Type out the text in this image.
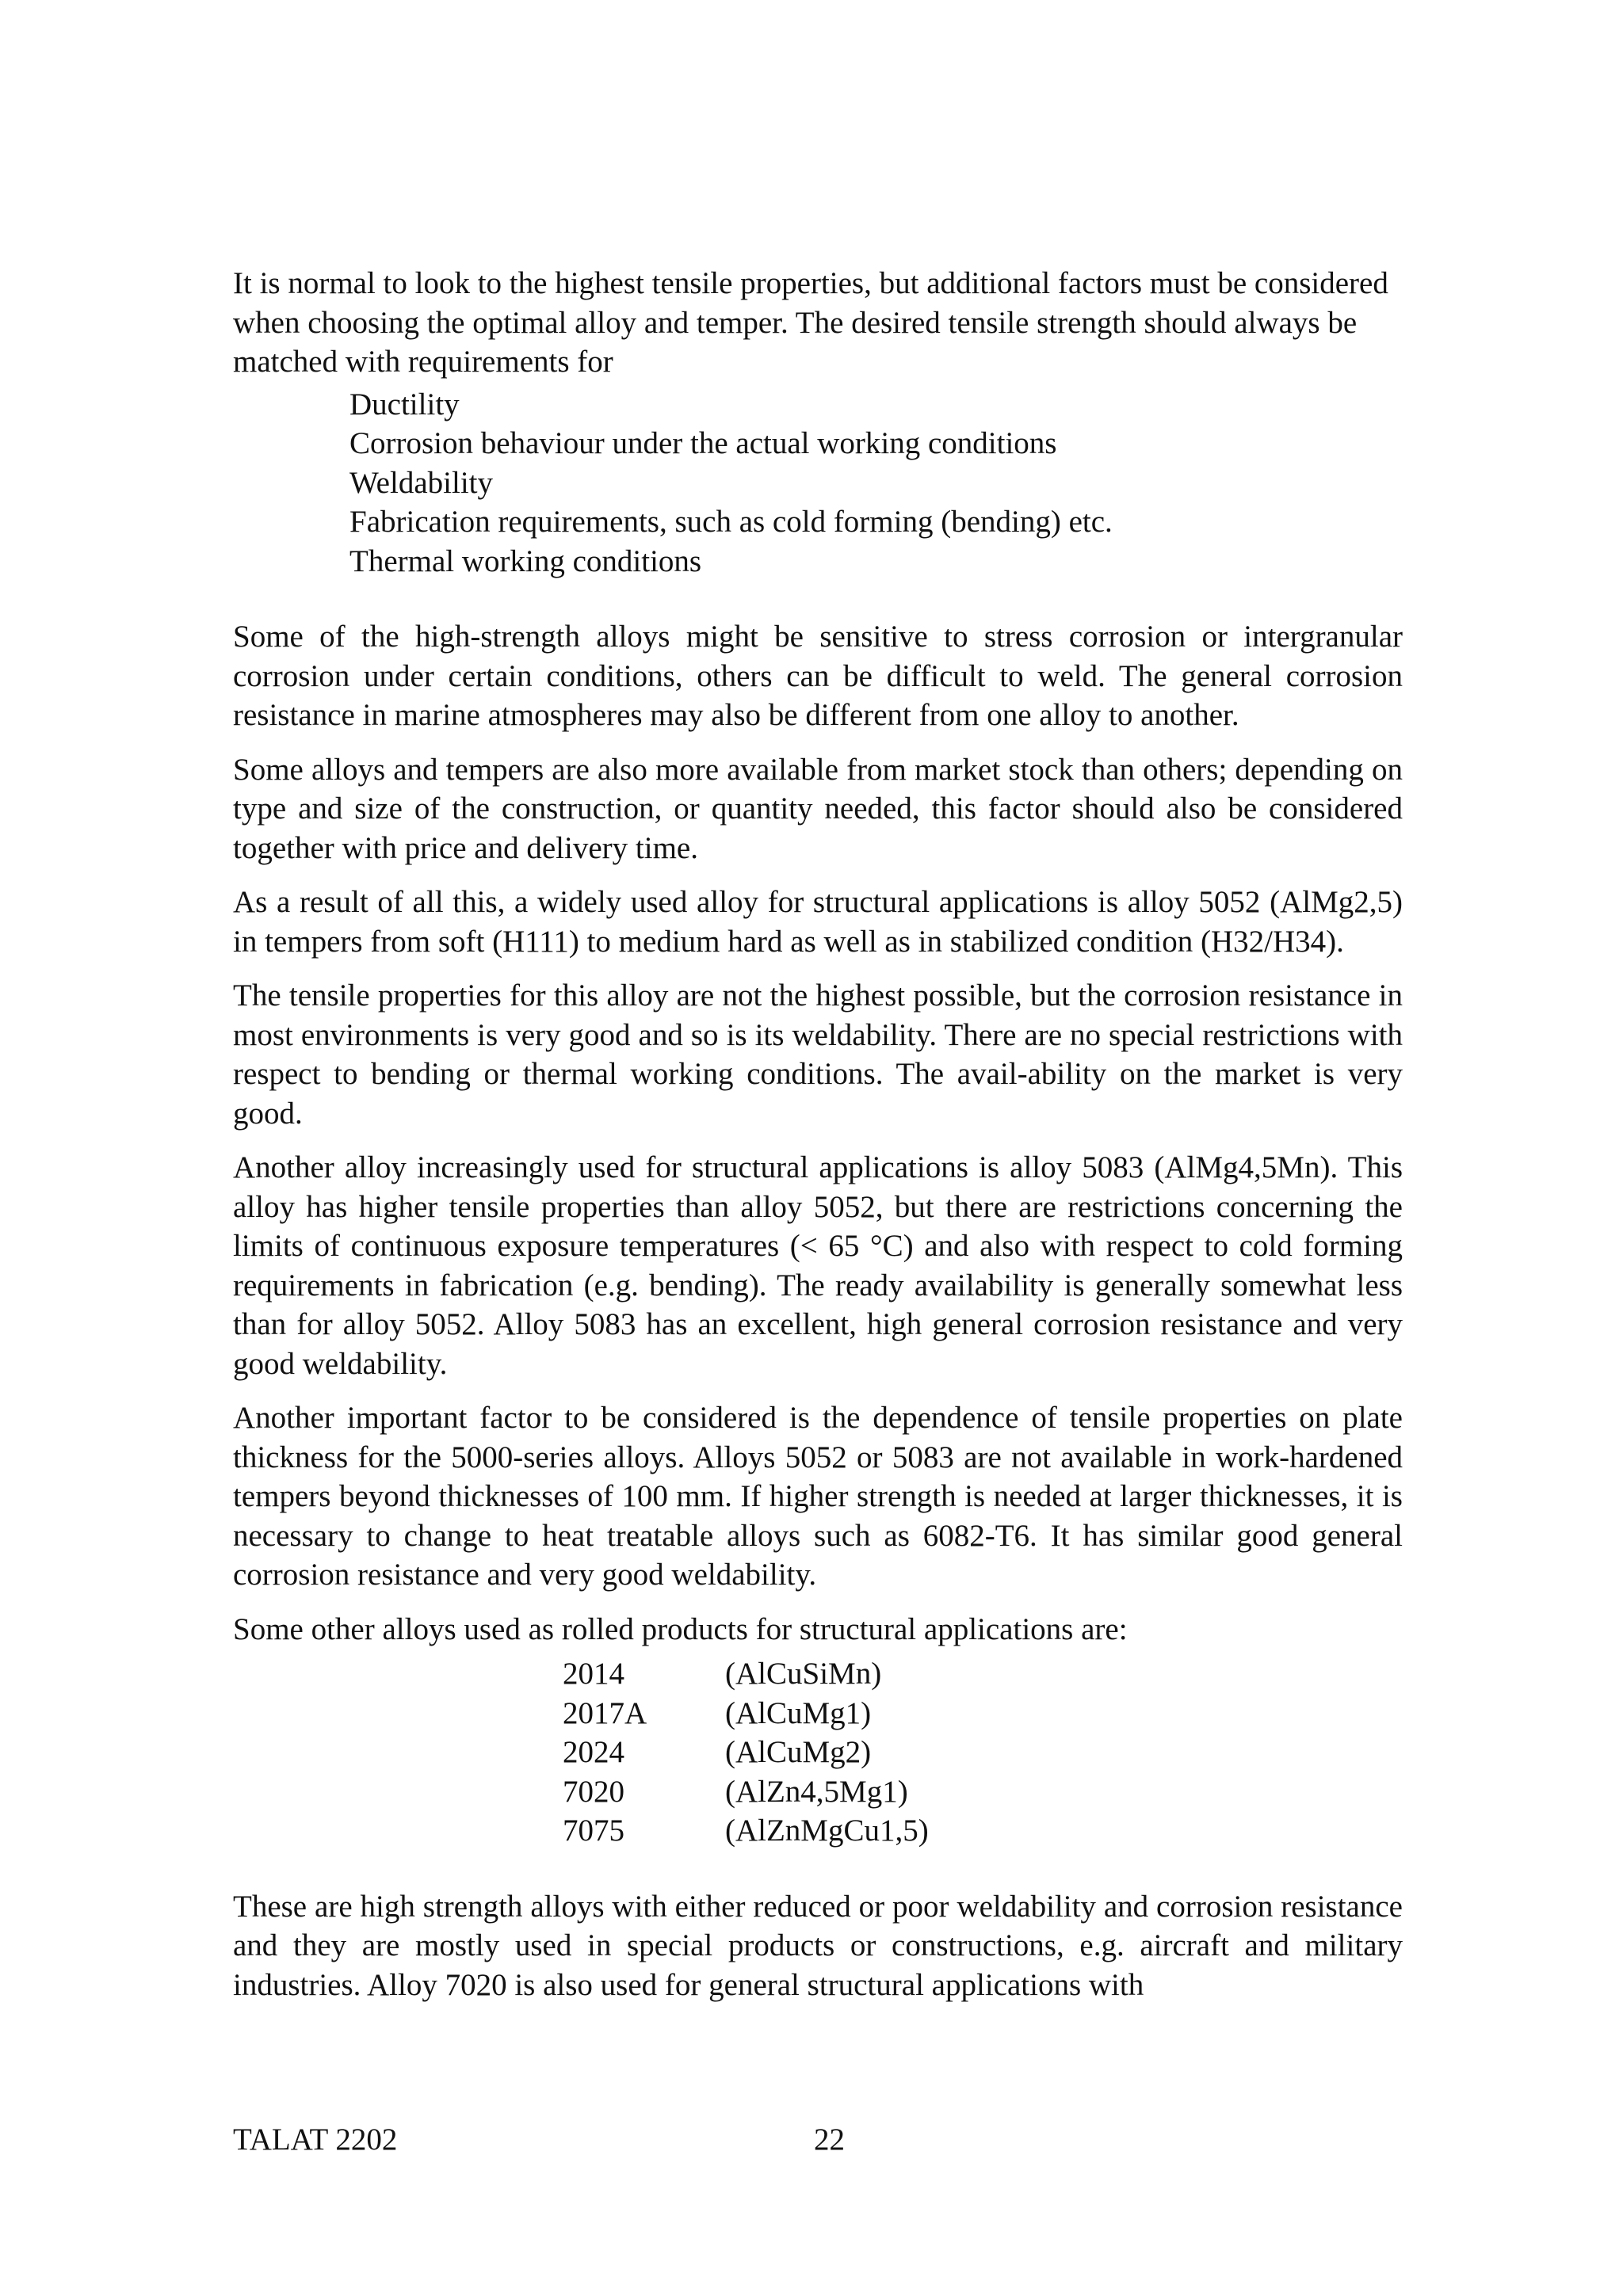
It is normal to look to the highest tensile properties, but additional factors must be considered when choosing the optimal alloy and temper. The desired tensile strength should always be matched with requirements for

Ductility
Corrosion behaviour under the actual working conditions
Weldability
Fabrication requirements, such as cold forming (bending) etc.
Thermal working conditions

Some of the high-strength alloys might be sensitive to stress corrosion or intergranular corrosion under certain conditions, others can be difficult to weld. The general corrosion resistance in marine atmospheres may also be different from one alloy to another.

Some alloys and tempers are also more available from market stock than others; depending on type and size of the construction, or quantity needed, this factor should also be considered together with price and delivery time.

As a result of all this, a widely used alloy for structural applications is alloy 5052 (AlMg2,5) in tempers from soft (H111) to medium hard as well as in stabilized condition (H32/H34).

The tensile properties for this alloy are not the highest possible, but the corrosion resistance in most environments is very good and so is its weldability. There are no special restrictions with respect to bending or thermal working conditions. The avail-ability on the market is very good.

Another alloy increasingly used for structural applications is alloy 5083 (AlMg4,5Mn). This alloy has higher tensile properties than alloy 5052, but there are restrictions concerning the limits of continuous exposure temperatures (< 65 °C) and also with respect to cold forming requirements in fabrication (e.g. bending). The ready availability is generally somewhat less than for alloy 5052. Alloy 5083 has an excellent, high general corrosion resistance and very good weldability.

Another important factor to be considered is the dependence of tensile properties on plate thickness for the 5000-series alloys. Alloys 5052 or 5083 are not available in work-hardened tempers beyond thicknesses of 100 mm. If higher strength is needed at larger thicknesses, it is necessary to change to heat treatable alloys such as 6082-T6. It has similar good general corrosion resistance and very good weldability.

Some other alloys used as rolled products for structural applications are:

2014	(AlCuSiMn)
2017A	(AlCuMg1)
2024	(AlCuMg2)
7020	(AlZn4,5Mg1)
7075	(AlZnMgCu1,5)

These are high strength alloys with either reduced or poor weldability and corrosion resistance and they are mostly used in special products or constructions, e.g. aircraft and military industries. Alloy 7020 is also used for general structural applications with

TALAT 2202	22
